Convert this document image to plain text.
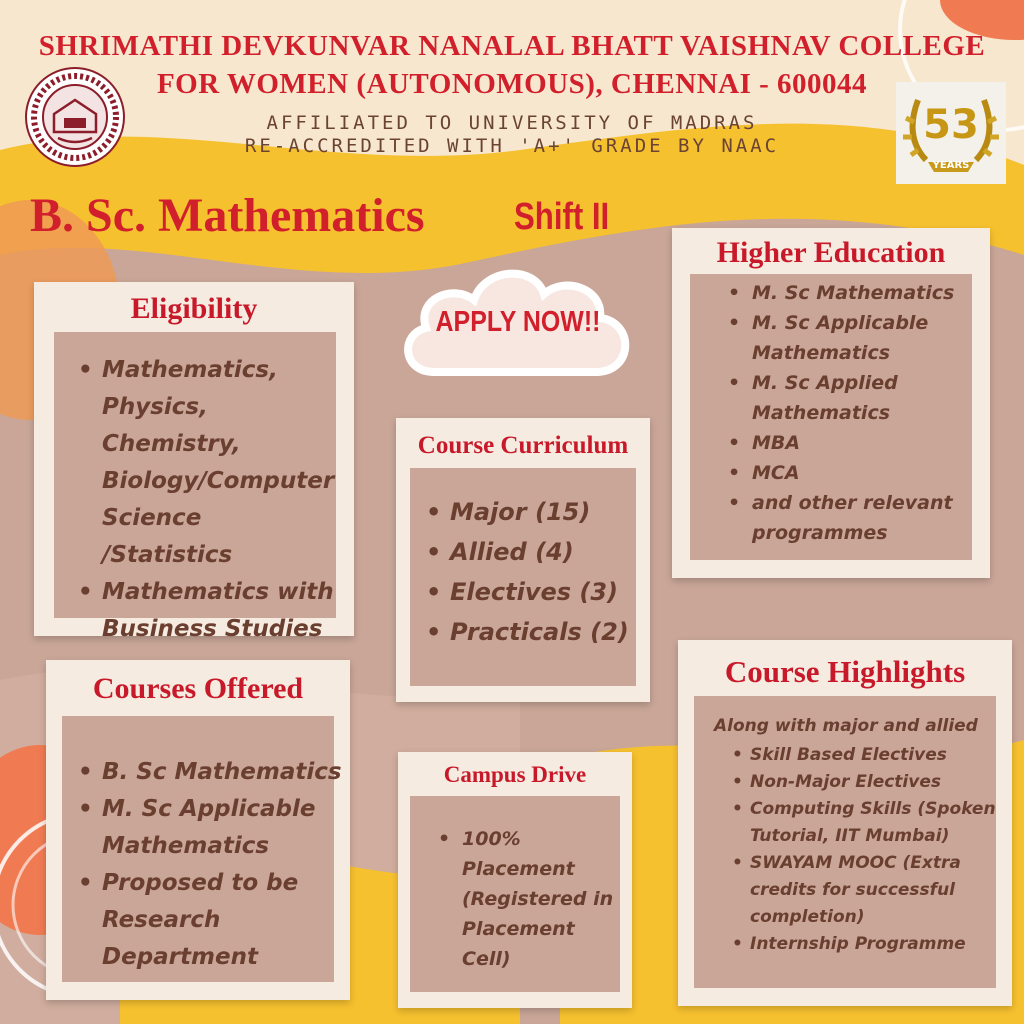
SHRIMATHI DEVKUNVAR NANALAL BHATT VAISHNAV COLLEGE
FOR WOMEN (AUTONOMOUS), CHENNAI - 600044
AFFILIATED TO UNIVERSITY OF MADRAS
RE-ACCREDITED WITH 'A+' GRADE BY NAAC	53
YEARS
B. Sc. Mathematics Shift II
APPLY NOW!!
Eligibility
• Mathematics, Physics, Chemistry, Biology/Computer Science /Statistics
• Mathematics with Business Studies
Higher Education
• M. Sc Mathematics
• M. Sc Applicable Mathematics
• M. Sc Applied Mathematics
• MBA
• MCA
• and other relevant programmes
Course Curriculum
• Major (15)
• Allied (4)
• Electives (3)
• Practicals (2)
Courses Offered
• B. Sc Mathematics
• M. Sc Applicable Mathematics
• Proposed to be Research Department
Campus Drive
• 100% Placement (Registered in Placement Cell)
Course Highlights
Along with major and allied
• Skill Based Electives
• Non-Major Electives
• Computing Skills (Spoken Tutorial, IIT Mumbai)
• SWAYAM MOOC (Extra credits for successful completion)
• Internship Programme
